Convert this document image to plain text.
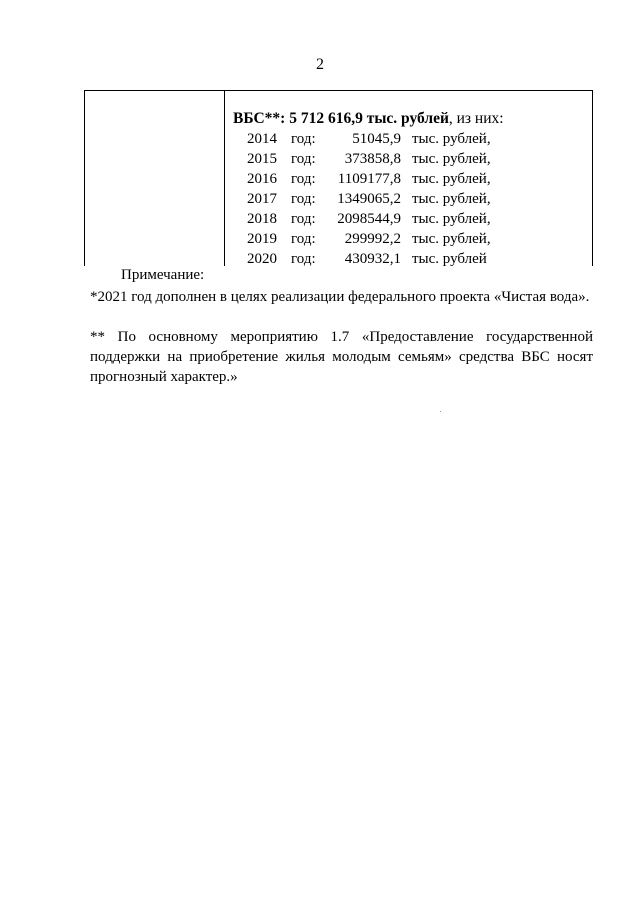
2
ВБС**: 5 712 616,9 тыс. рублей, из них:
2014 год:	51045,9 тыс. рублей,
2015 год:	373858,8 тыс. рублей,
2016 год:	1109177,8 тыс. рублей,
2017 год:	1349065,2 тыс. рублей,
2018 год:	2098544,9 тыс. рублей,
2019 год:	299992,2 тыс. рублей,
2020 год:	430932,1 тыс. рублей
Примечание:
*2021 год дополнен в целях реализации федерального проекта «Чистая вода».
** По основному мероприятию 1.7 «Предоставление государственной поддержки на приобретение жилья молодым семьям» средства ВБС носят прогнозный характер.»
